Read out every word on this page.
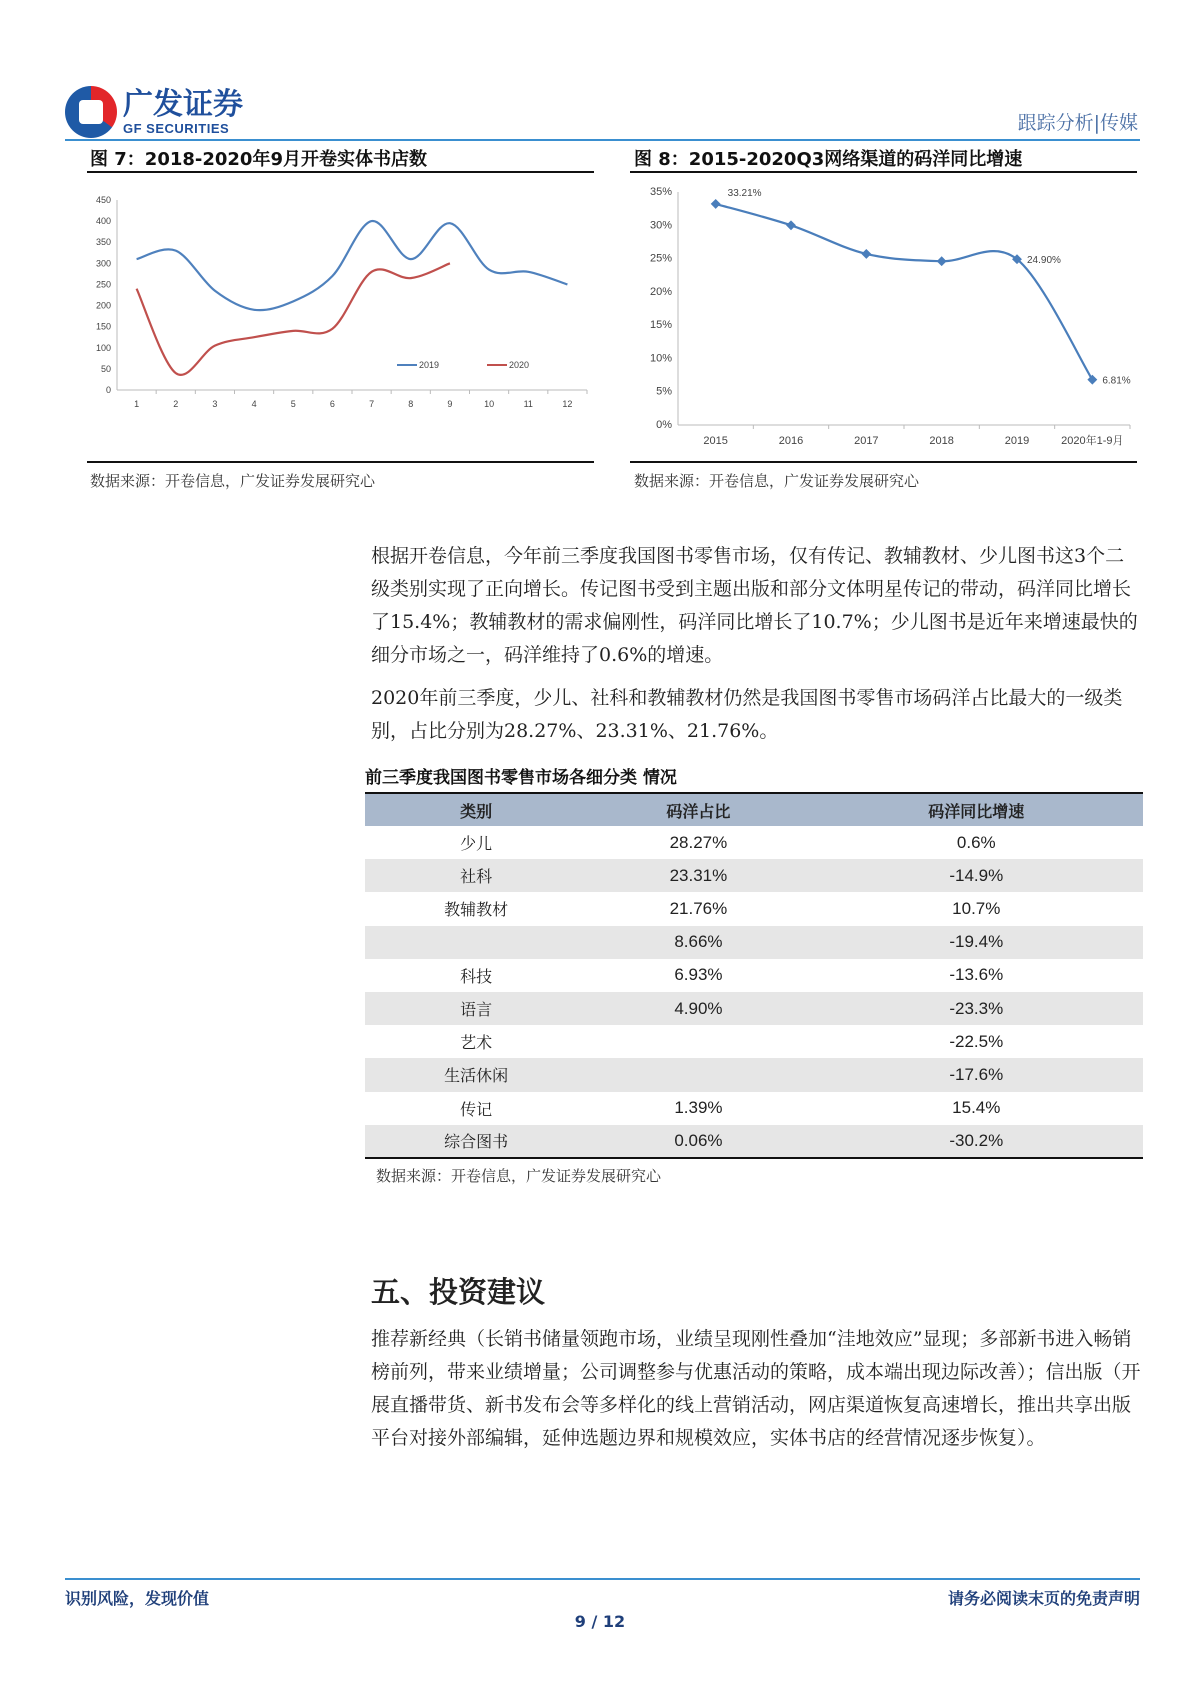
广发证券
GF SECURITIES	跟踪分析|传媒
图 7：2018-2020年9月开卷实体书店数
0
50
100
150
200
250
300
350
400
450
1	2	3	4	5	6	7	8	9	10	11	12
2019	2020
数据来源：开卷信息，广发证券发展研究心
图 8：2015-2020Q3网络渠道的码洋同比增速
0%
5%
10%
15%
20%
25%
30%
35%
2015	2016	2017	2018	2019	2020年1-9月
33.21%
24.90%
6.81%
数据来源：开卷信息，广发证券发展研究心

根据开卷信息，今年前三季度我国图书零售市场，仅有传记、教辅教材、少儿图书这3个二级类别实现了正向增长。传记图书受到主题出版和部分文体明星传记的带动，码洋同比增长了15.4%；教辅教材的需求偏刚性，码洋同比增长了10.7%；少儿图书是近年来增速最快的细分市场之一，码洋维持了0.6%的增速。

2020年前三季度，少儿、社科和教辅教材仍然是我国图书零售市场码洋占比最大的一级类别，占比分别为28.27%、23.31%、21.76%。

前三季度我国图书零售市场各细分类 情况
类别	码洋占比	码洋同比增速
少儿	28.27%	0.6%
社科	23.31%	-14.9%
教辅教材	21.76%	10.7%
	8.66%	-19.4%
科技	6.93%	-13.6%
语言	4.90%	-23.3%
艺术		-22.5%
生活休闲		-17.6%
传记	1.39%	15.4%
综合图书	0.06%	-30.2%
数据来源：开卷信息，广发证券发展研究心
五、投资建议

推荐新经典（长销书储量领跑市场，业绩呈现刚性叠加“洼地效应”显现；多部新书进入畅销榜前列，带来业绩增量；公司调整参与优惠活动的策略，成本端出现边际改善）；信出版（开展直播带货、新书发布会等多样化的线上营销活动，网店渠道恢复高速增长，推出共享出版平台对接外部编辑，延伸选题边界和规模效应，实体书店的经营情况逐步恢复）。

识别风险，发现价值	请务必阅读末页的免责声明
9 / 12
